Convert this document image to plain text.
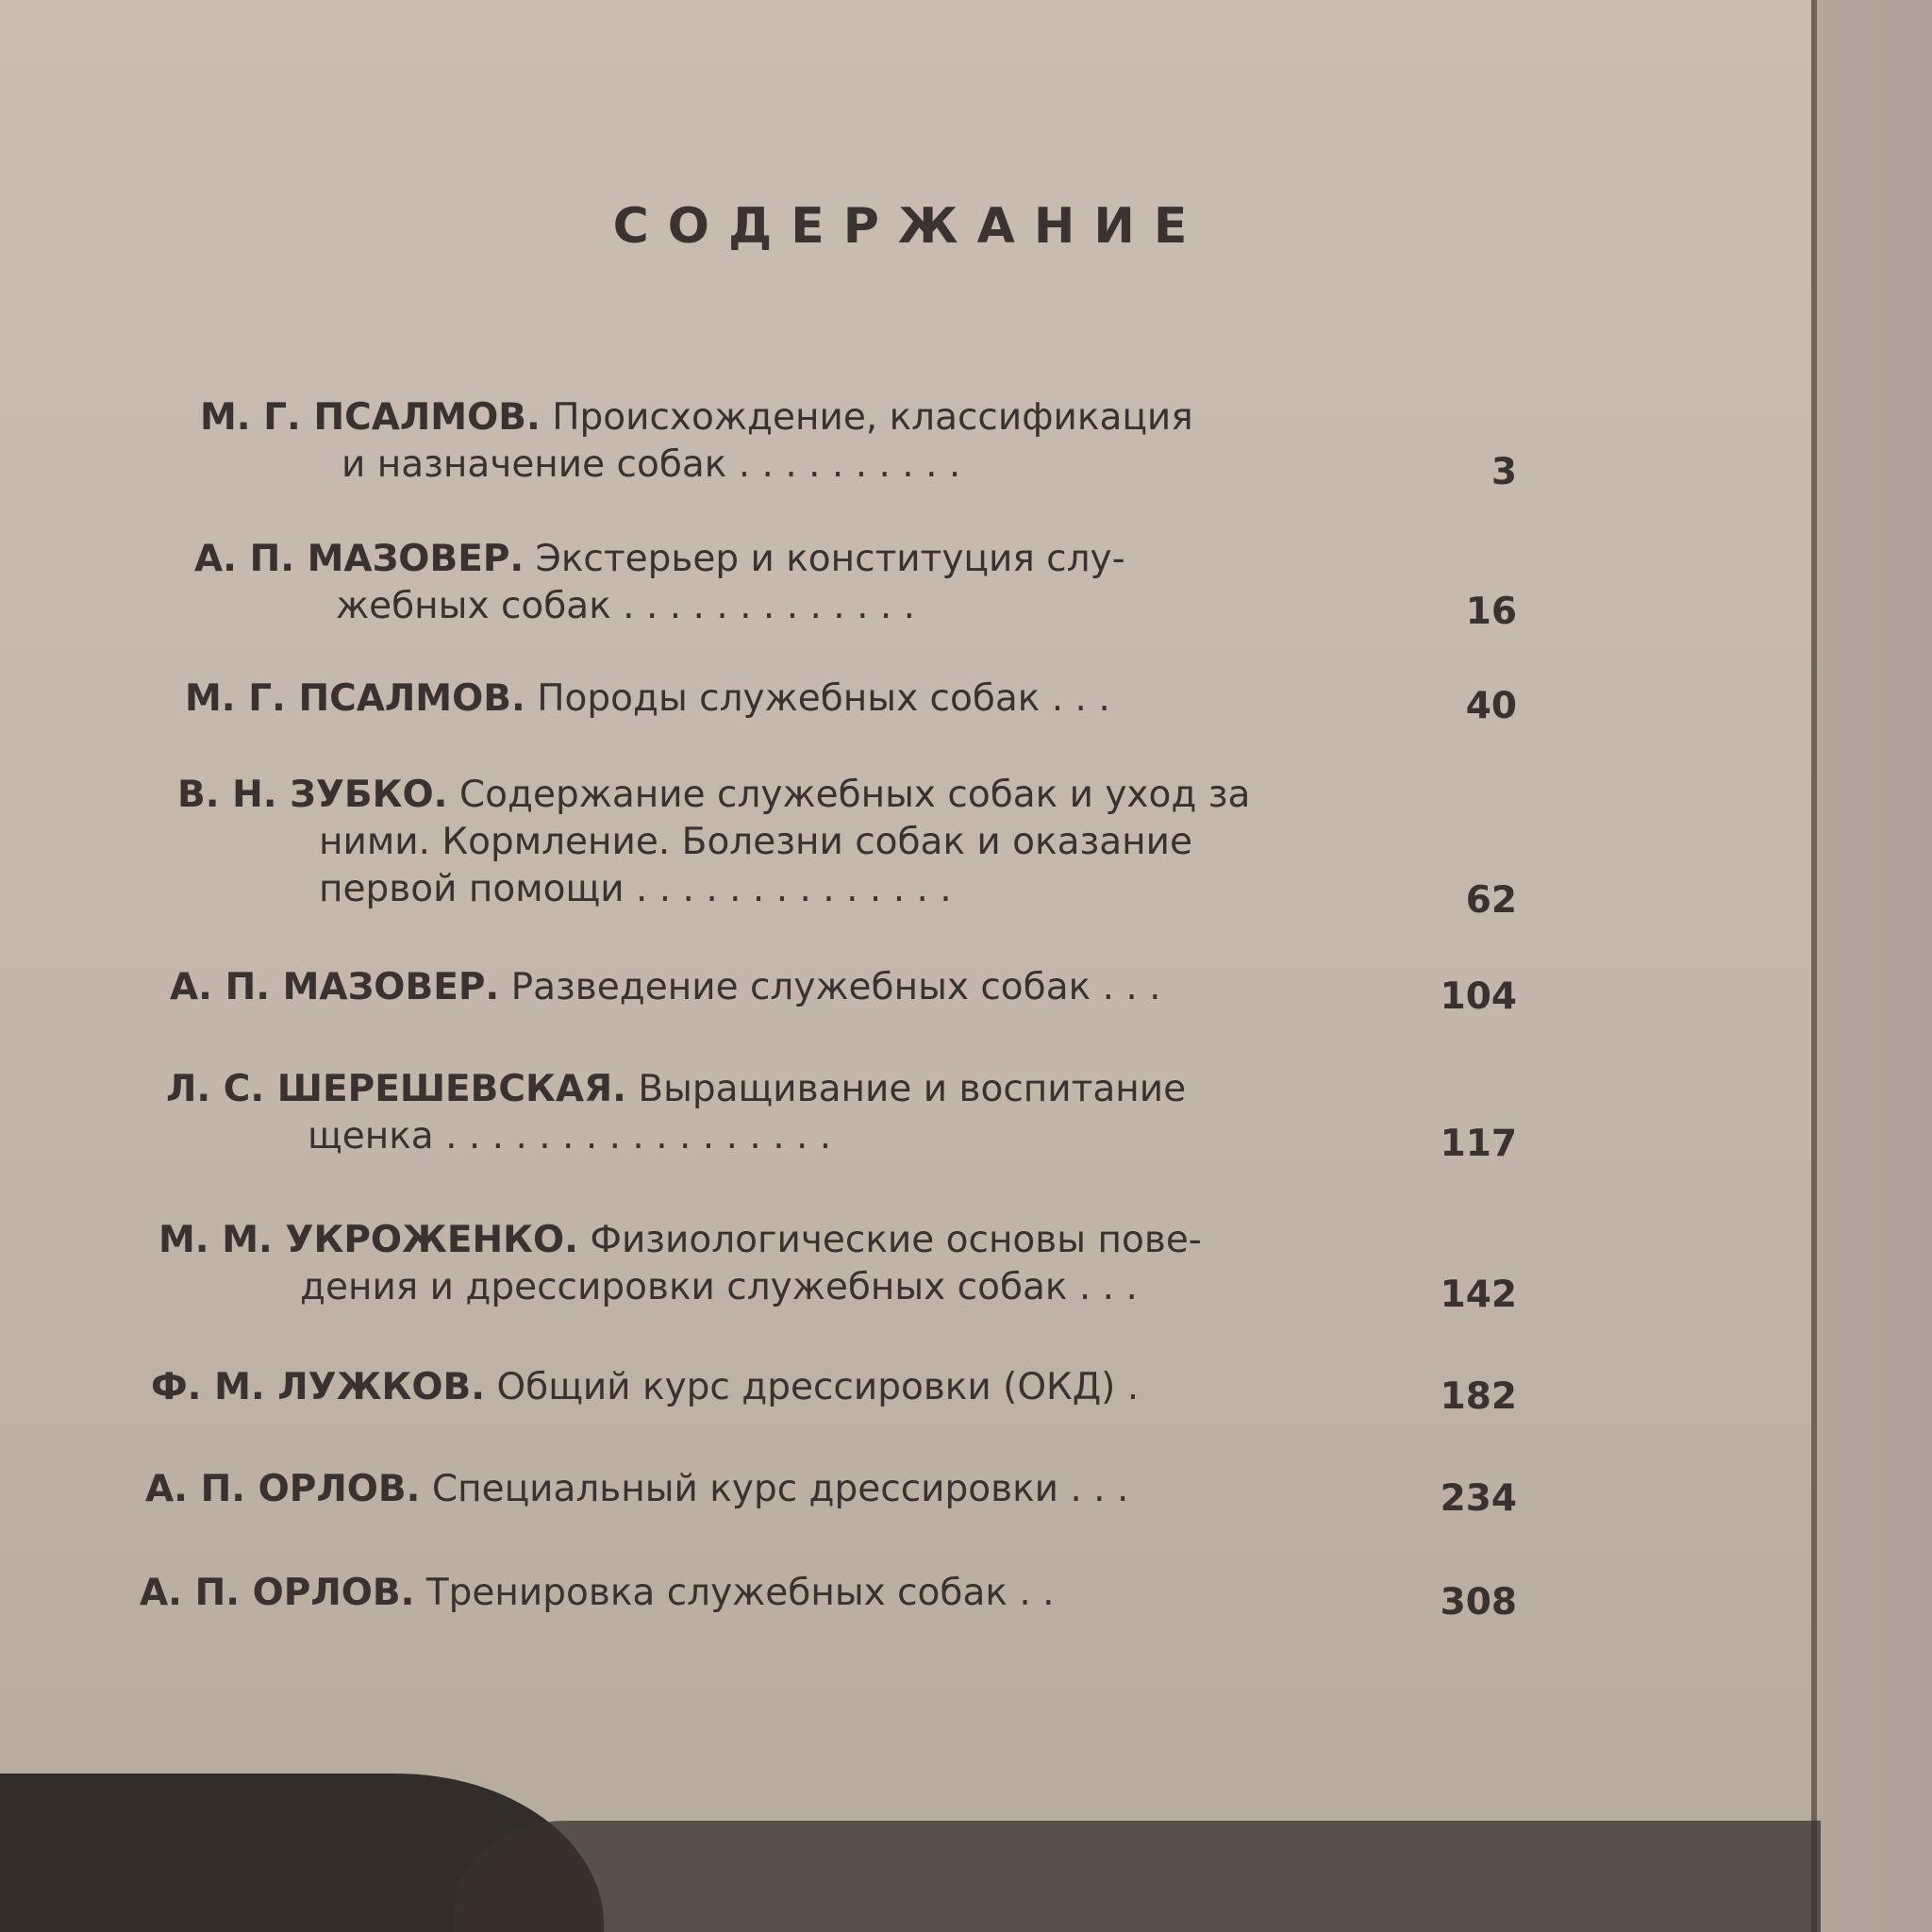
СОДЕРЖАНИЕ
М. Г. ПСАЛМОВ. Происхождение, классификация
и назначение собак . . . . . . . . . .	3
А. П. МАЗОВЕР. Экстерьер и конституция слу-
жебных собак . . . . . . . . . . . . .	16
М. Г. ПСАЛМОВ. Породы служебных собак . . .	40
В. Н. ЗУБКО. Содержание служебных собак и уход за
ними. Кормление. Болезни собак и оказание
первой помощи . . . . . . . . . . . . . .	62
А. П. МАЗОВЕР. Разведение служебных собак . . .	104
Л. С. ШЕРЕШЕВСКАЯ. Выращивание и воспитание
щенка . . . . . . . . . . . . . . . . .	117
М. М. УКРОЖЕНКО. Физиологические основы пове-
дения и дрессировки служебных собак . . .	142
Ф. М. ЛУЖКОВ. Общий курс дрессировки (ОКД) .	182
А. П. ОРЛОВ. Специальный курс дрессировки . . .	234
А. П. ОРЛОВ. Тренировка служебных собак . .	308
